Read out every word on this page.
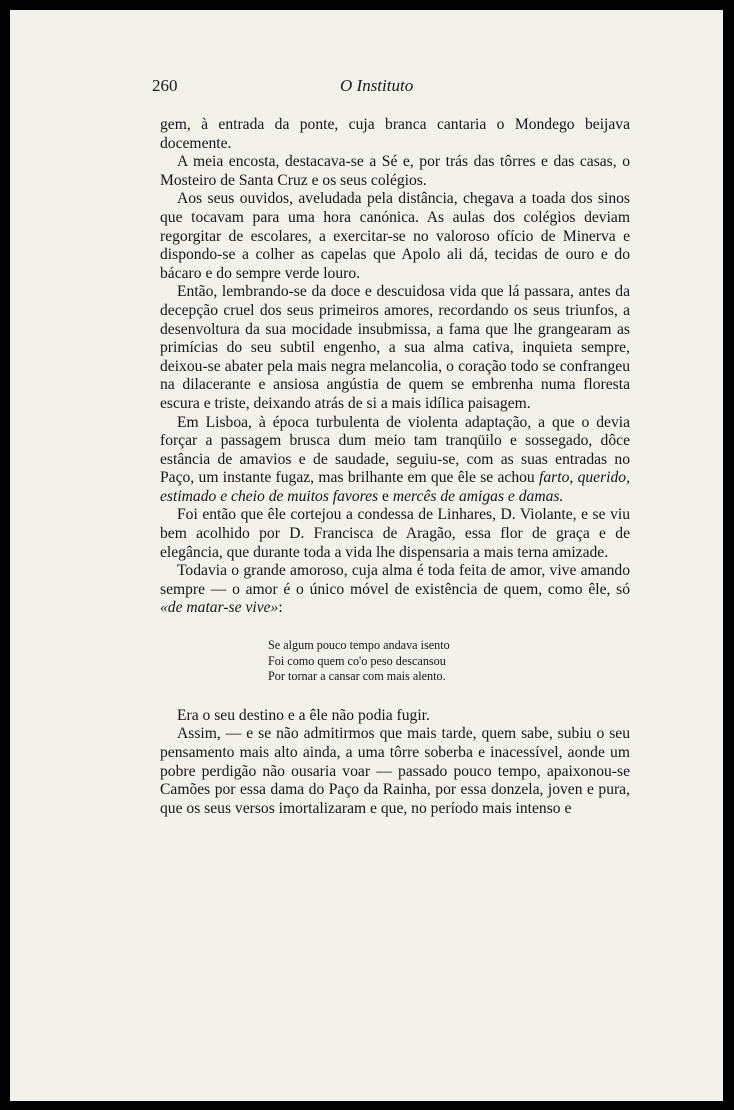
260	O Instituto

gem, à entrada da ponte, cuja branca cantaria o Mondego beijava docemente.

A meia encosta, destacava-se a Sé e, por trás das tôrres e das casas, o Mosteiro de Santa Cruz e os seus colégios.

Aos seus ouvidos, aveludada pela distância, chegava a toada dos sinos que tocavam para uma hora canónica. As aulas dos colégios deviam regorgitar de escolares, a exercitar-se no valoroso ofício de Minerva e dispondo-se a colher as capelas que Apolo ali dá, tecidas de ouro e do bácaro e do sempre verde louro.

Então, lembrando-se da doce e descuidosa vida que lá passara, antes da decepção cruel dos seus primeiros amores, recordando os seus triunfos, a desenvoltura da sua mocidade insubmissa, a fama que lhe grangearam as primícias do seu subtil engenho, a sua alma cativa, inquieta sempre, deixou-se abater pela mais negra melancolia, o coração todo se confrangeu na dilacerante e ansiosa angústia de quem se embrenha numa floresta escura e triste, deixando atrás de si a mais idílica paisagem.

Em Lisboa, à época turbulenta de violenta adaptação, a que o devia forçar a passagem brusca dum meio tam tranqüilo e sossegado, dôce estância de amavios e de saudade, seguiu-se, com as suas entradas no Paço, um instante fugaz, mas brilhante em que êle se achou farto, querido, estimado e cheio de muitos favores e mercês de amigas e damas.

Foi então que êle cortejou a condessa de Linhares, D. Violante, e se viu bem acolhido por D. Francisca de Aragão, essa flor de graça e de elegância, que durante toda a vida lhe dispensaria a mais terna amizade.

Todavia o grande amoroso, cuja alma é toda feita de amor, vive amando sempre — o amor é o único móvel de existência de quem, como êle, só «de matar-se vive»:

Se algum pouco tempo andava isento
Foi como quem co'o peso descansou
Por tornar a cansar com mais alento.

Era o seu destino e a êle não podia fugir.

Assim, — e se não admitirmos que mais tarde, quem sabe, subiu o seu pensamento mais alto ainda, a uma tôrre soberba e inacessível, aonde um pobre perdigão não ousaria voar — passado pouco tempo, apaixonou-se Camões por essa dama do Paço da Rainha, por essa donzela, joven e pura, que os seus versos imortalizaram e que, no período mais intenso e
